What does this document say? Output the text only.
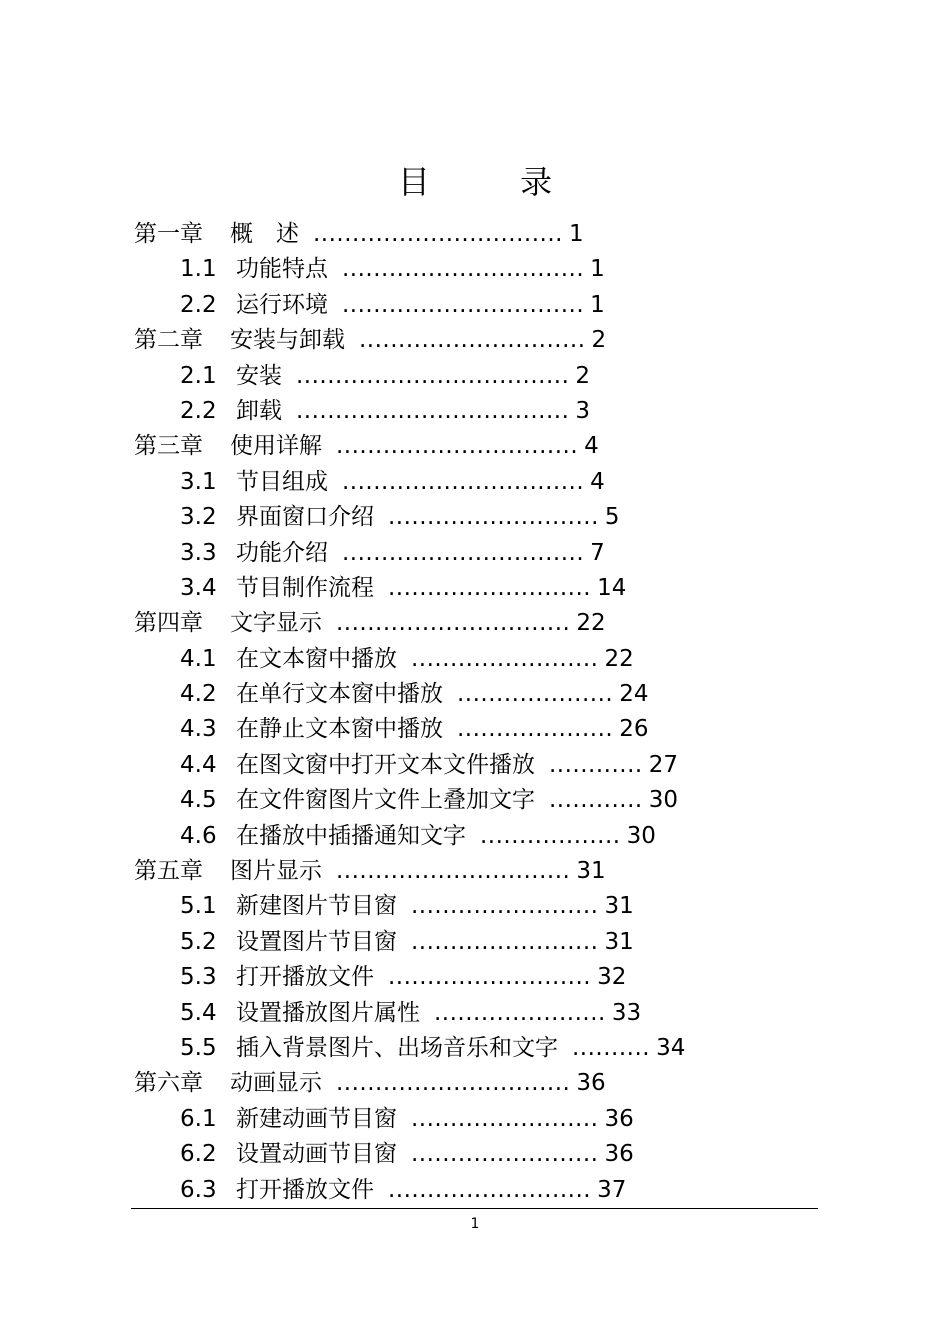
目 录
第一章 概　述 ................................ 1
1.1 功能特点 ............................... 1
2.2 运行环境 ............................... 1
第二章 安装与卸载 ............................. 2
2.1 安装 ................................... 2
2.2 卸载 ................................... 3
第三章 使用详解 ............................... 4
3.1 节目组成 ............................... 4
3.2 界面窗口介绍 ........................... 5
3.3 功能介绍 ............................... 7
3.4 节目制作流程 .......................... 14
第四章 文字显示 .............................. 22
4.1 在文本窗中播放 ........................ 22
4.2 在单行文本窗中播放 .................... 24
4.3 在静止文本窗中播放 .................... 26
4.4 在图文窗中打开文本文件播放 ............ 27
4.5 在文件窗图片文件上叠加文字 ............ 30
4.6 在播放中插播通知文字 .................. 30
第五章 图片显示 .............................. 31
5.1 新建图片节目窗 ........................ 31
5.2 设置图片节目窗 ........................ 31
5.3 打开播放文件 .......................... 32
5.4 设置播放图片属性 ...................... 33
5.5 插入背景图片、出场音乐和文字 .......... 34
第六章 动画显示 .............................. 36
6.1 新建动画节目窗 ........................ 36
6.2 设置动画节目窗 ........................ 36
6.3 打开播放文件 .......................... 37
1
